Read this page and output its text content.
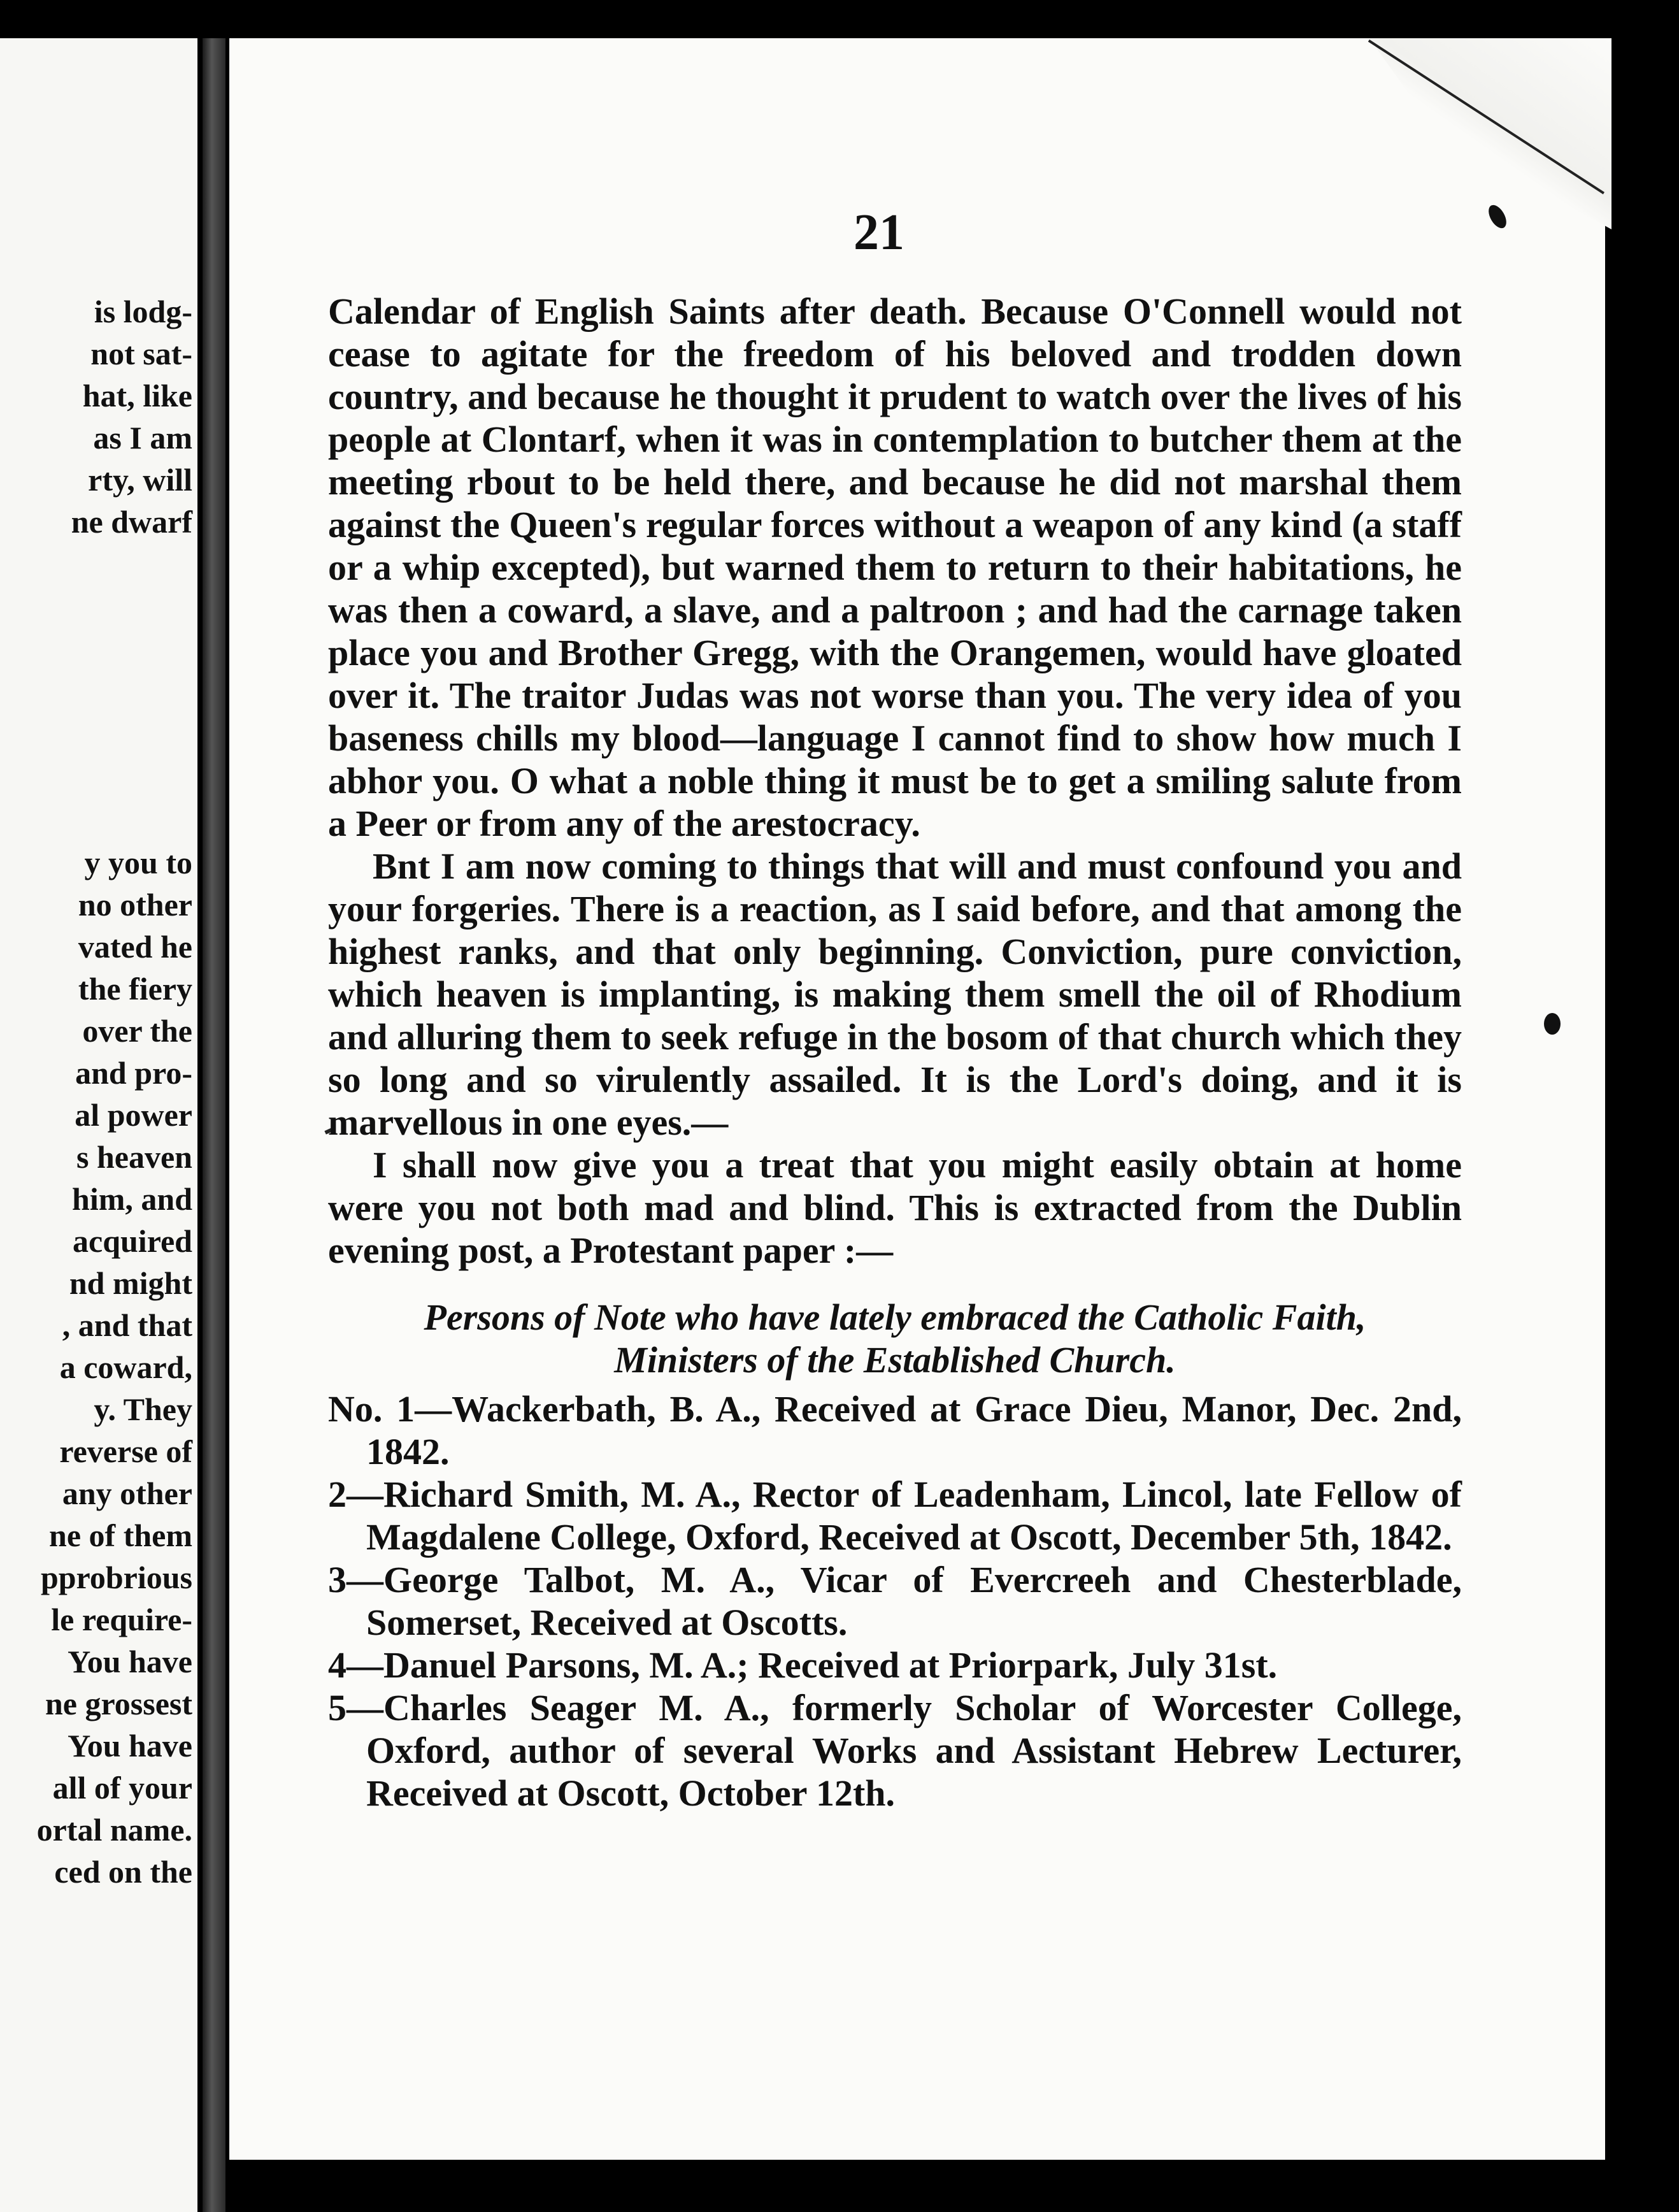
is lodg-
not sat-
hat, like
as I am
rty, will
ne dwarf
y you to
no other
vated he
the fiery
over the
and pro-
al power
s heaven
him, and
acquired
nd might
, and that
a coward,
y. They
reverse of
any other
ne of them
pprobrious
le require-
You have
ne grossest
You have
all of your
ortal name.
ced on the
21

Calendar of English Saints after death. Because O'Connell would not cease to agitate for the freedom of his beloved and trodden down country, and because he thought it prudent to watch over the lives of his people at Clontarf, when it was in contemplation to butcher them at the meeting rbout to be held there, and because he did not marshal them against the Queen's regular forces without a weapon of any kind (a staff or a whip excepted), but warned them to return to their habitations, he was then a coward, a slave, and a paltroon ; and had the carnage taken place you and Brother Gregg, with the Orangemen, would have gloated over it. The traitor Judas was not worse than you. The very idea of you baseness chills my blood—language I cannot find to show how much I abhor you. O what a noble thing it must be to get a smiling salute from a Peer or from any of the arestocracy.

Bnt I am now coming to things that will and must confound you and your forgeries. There is a reaction, as I said before, and that among the highest ranks, and that only beginning. Conviction, pure conviction, which heaven is implanting, is making them smell the oil of Rhodium and alluring them to seek refuge in the bosom of that church which they so long and so virulently assailed. It is the Lord's doing, and it is marvellous in one eyes.—

I shall now give you a treat that you might easily obtain at home were you not both mad and blind. This is extracted from the Dublin evening post, a Protestant paper :—

Persons of Note who have lately embraced the Catholic Faith,
Ministers of the Established Church.

No. 1—Wackerbath, B. A., Received at Grace Dieu, Manor, Dec. 2nd, 1842.

2—Richard Smith, M. A., Rector of Leadenham, Lincol, late Fellow of Magdalene College, Oxford, Received at Oscott, December 5th, 1842.

3—George Talbot, M. A., Vicar of Evercreeh and Chesterblade, Somerset, Received at Oscotts.

4—Danuel Parsons, M. A.; Received at Priorpark, July 31st.

5—Charles Seager M. A., formerly Scholar of Worcester College, Oxford, author of several Works and Assistant Hebrew Lecturer, Received at Oscott, October 12th.
